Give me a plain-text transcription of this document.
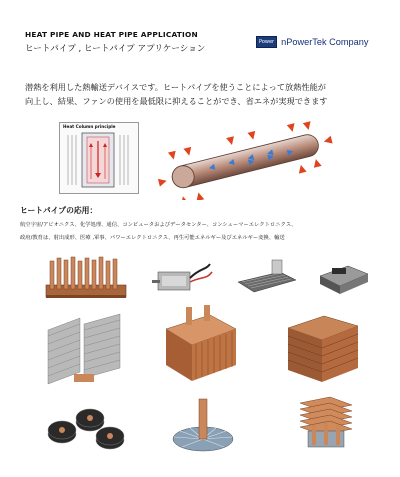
HEAT PIPE AND HEAT PIPE APPLICATION
ヒートパイプ , ヒートパイプ アプリケーション
Power nPowerTek Company
潜熱を利用した熱輸送デバイスです。ヒートパイプを使うことによって放熱性能が
向上し、結果、ファンの使用を最低限に抑えることができ、省エネが実現できます
Heat Column principle
ヒートパイプの応用：
航空宇宙/アビオニクス、化学処理、通信、コンピュータおよびデータセンター、コンシューマーエレクトロニクス、
政府/教育は、射出成形、医療 ,軍事、パワーエレクトロニクス、再生可能エネルギー及びエネルギー変換、輸送
